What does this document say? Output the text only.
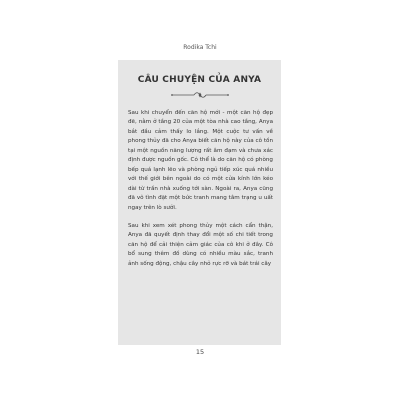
Rodika Tchi
CÂU CHUYỆN CỦA ANYA

Sau khi chuyển đến căn hộ mới - một căn hộ đẹp đẽ, nằm ở tầng 20 của một tòa nhà cao tầng, Anya bắt đầu cảm thấy lo lắng. Một cuộc tư vấn về phong thủy đã cho Anya biết căn hộ này của cô tồn tại một nguồn năng lượng rất âm đạm và chưa xác định được nguồn gốc. Có thể là do căn hộ có phòng bếp quá lạnh lẽo và phòng ngủ tiếp xúc quá nhiều với thế giới bên ngoài do có một cửa kính lớn kéo dài từ trần nhà xuống tới sàn. Ngoài ra, Anya cũng đã vô tình đặt một bức tranh mang tâm trạng u uất ngay trên lò sưởi.

Sau khi xem xét phong thủy một cách cẩn thận, Anya đã quyết định thay đổi một số chi tiết trong căn hộ để cải thiện cảm giác của cô khi ở đây. Cô bổ sung thêm đồ dùng có nhiều màu sắc, tranh ảnh sống động, chậu cây nhỏ rực rỡ và bát trái cây

15
